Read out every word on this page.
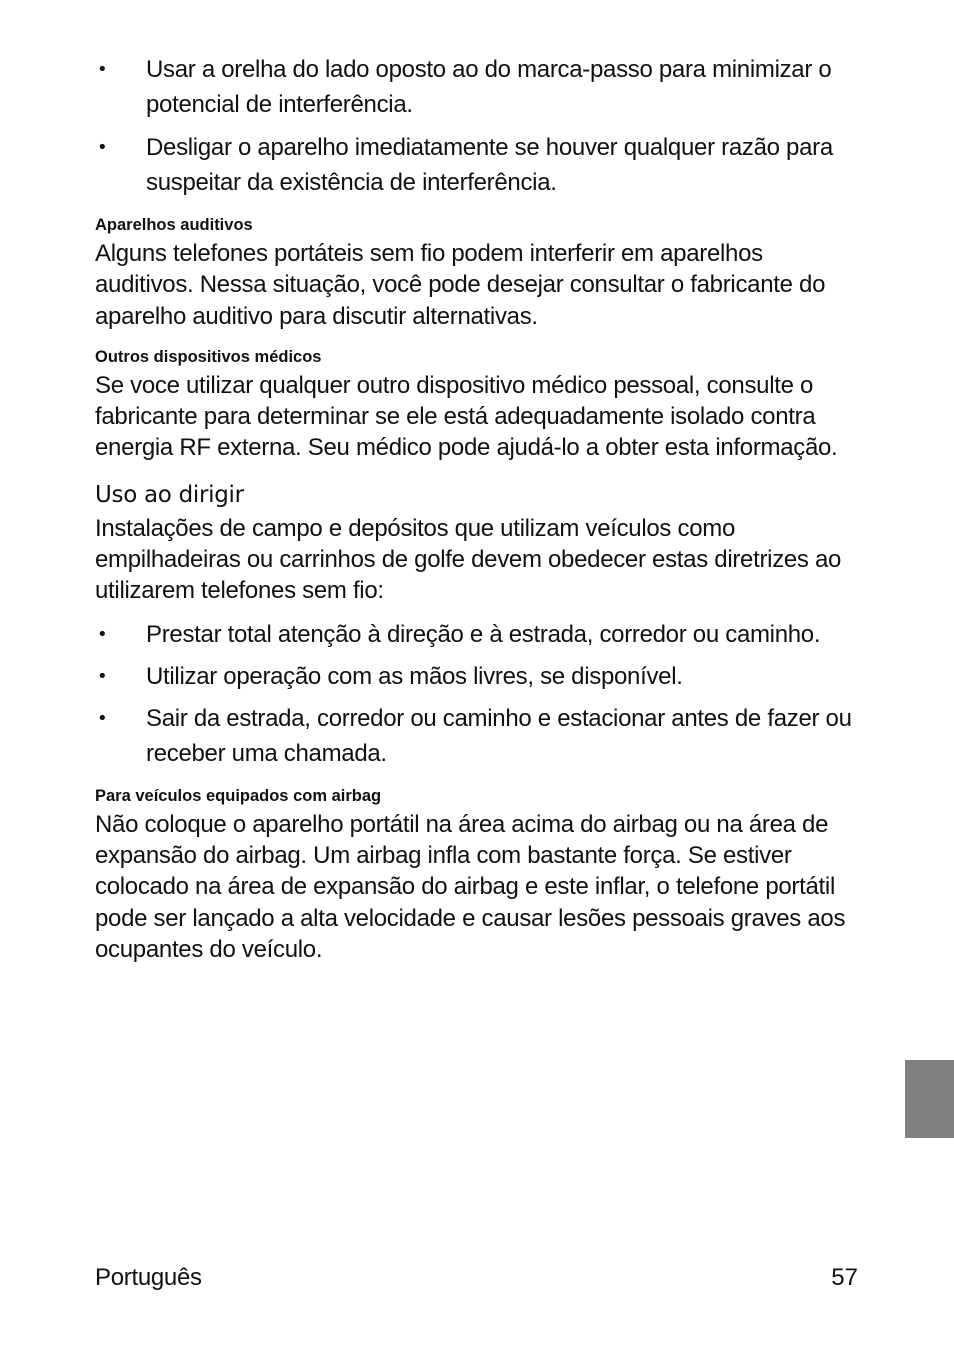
• Usar a orelha do lado oposto ao do marca-passo para minimizar o potencial de interferência.
• Desligar o aparelho imediatamente se houver qualquer razão para suspeitar da existência de interferência.
Aparelhos auditivos

Alguns telefones portáteis sem fio podem interferir em aparelhos auditivos. Nessa situação, você pode desejar consultar o fabricante do aparelho auditivo para discutir alternativas.

Outros dispositivos médicos

Se voce utilizar qualquer outro dispositivo médico pessoal, consulte o fabricante para determinar se ele está adequadamente isolado contra energia RF externa. Seu médico pode ajudá-lo a obter esta informação.

Uso ao dirigir

Instalações de campo e depósitos que utilizam veículos como empilhadeiras ou carrinhos de golfe devem obedecer estas diretrizes ao utilizarem telefones sem fio:

• Prestar total atenção à direção e à estrada, corredor ou caminho.
• Utilizar operação com as mãos livres, se disponível.
• Sair da estrada, corredor ou caminho e estacionar antes de fazer ou receber uma chamada.
Para veículos equipados com airbag

Não coloque o aparelho portátil na área acima do airbag ou na área de expansão do airbag. Um airbag infla com bastante força. Se estiver colocado na área de expansão do airbag e este inflar, o telefone portátil pode ser lançado a alta velocidade e causar lesões pessoais graves aos ocupantes do veículo.

Português	57
